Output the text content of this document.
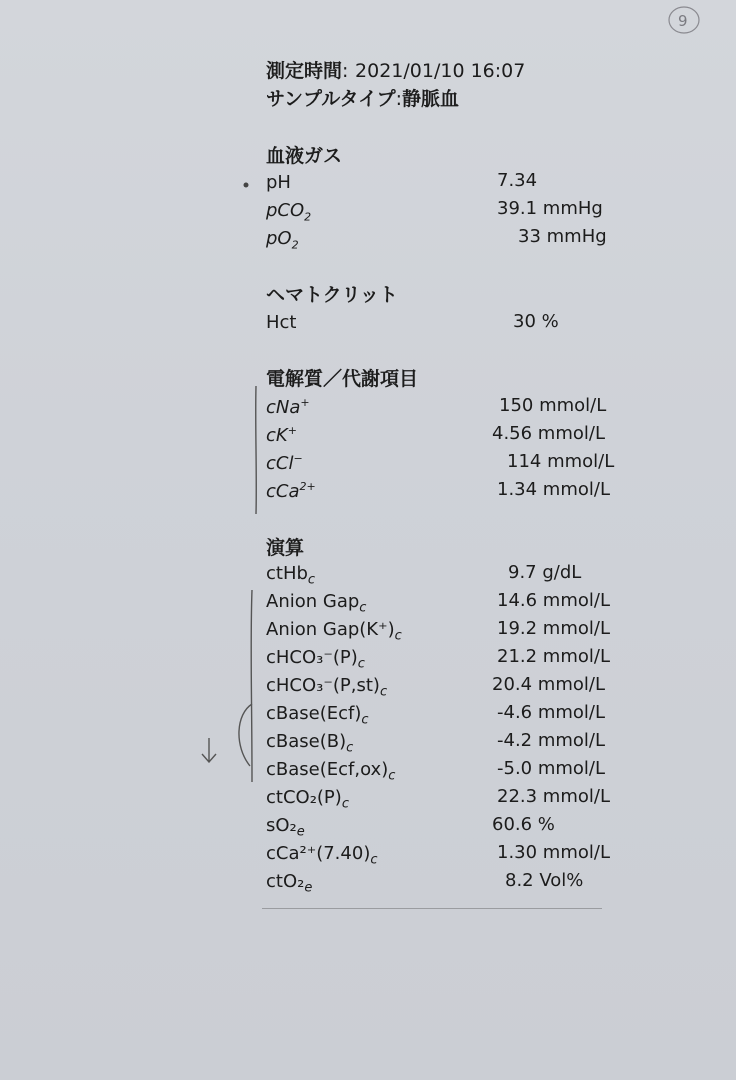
9
測定時間: 2021/01/10 16:07
サンプルタイプ:静脈血
血液ガス
pH	7.34
pCO$_2$	39.1 mmHg
$pO_2$	33 mmHg
ヘマトクリット
Hct	30 %
電解質／代謝項目
cNa+	150 mmol/L
cK+	4.56 mmol/L
cCl−	114 mmol/L
cCa$^{2+}$	1.34 mmol/L
演算
ctHb$_c$	9.7 g/dL
Anion Gap$_c$	14.6 mmol/L
Anion $Gap(K^+)_c$	19.2 mmol/L
$cHCO_3^-(P)_c$	21.2 mmol/L
$cHCO_3^-(P,st)_c$	20.4 mmol/L
$cBase(Ecf)_c$	-4.6 mmol/L
$cBase(B)_c$	-4.2 mmol/L
$cBase(Ecf,ox)_c$	-5.0 mmol/L
$ctCO_2(P)_c$	22.3 mmol/L
$sO_2_e$	60.6 %
$cCa^{2+}(7.40)_c$	1.30 mmol/L
$ctO_2_e$	8.2 Vol%
